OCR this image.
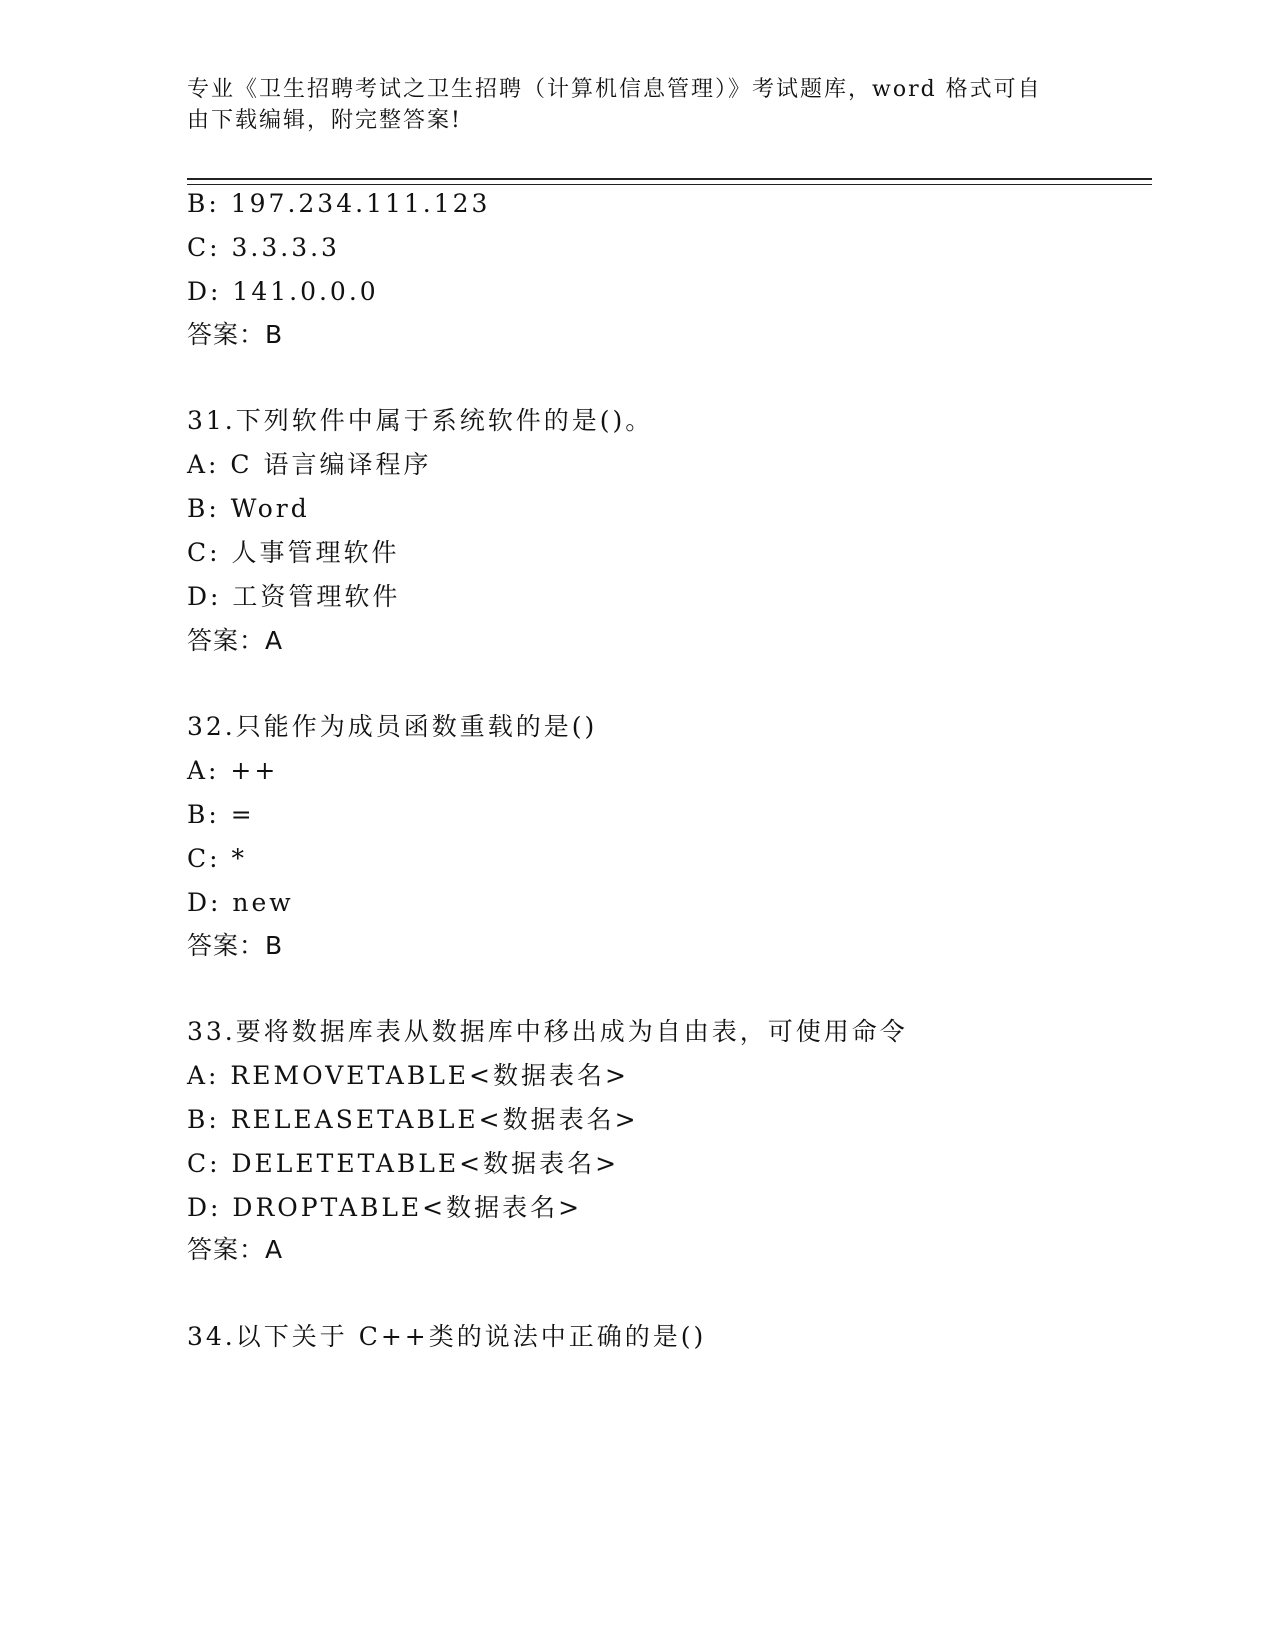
专业《卫生招聘考试之卫生招聘（计算机信息管理）》考试题库，word 格式可自
由下载编辑，附完整答案!
B: 197.234.111.123
C: 3.3.3.3
D: 141.0.0.0
答案：B
31.下列软件中属于系统软件的是()。
A: C 语言编译程序
B: Word
C: 人事管理软件
D: 工资管理软件
答案：A
32.只能作为成员函数重载的是()
A: ++
B: =
C: *
D: new
答案：B
33.要将数据库表从数据库中移出成为自由表，可使用命令
A: REMOVETABLE<数据表名>
B: RELEASETABLE<数据表名>
C: DELETETABLE<数据表名>
D: DROPTABLE<数据表名>
答案：A
34.以下关于 C++类的说法中正确的是()
